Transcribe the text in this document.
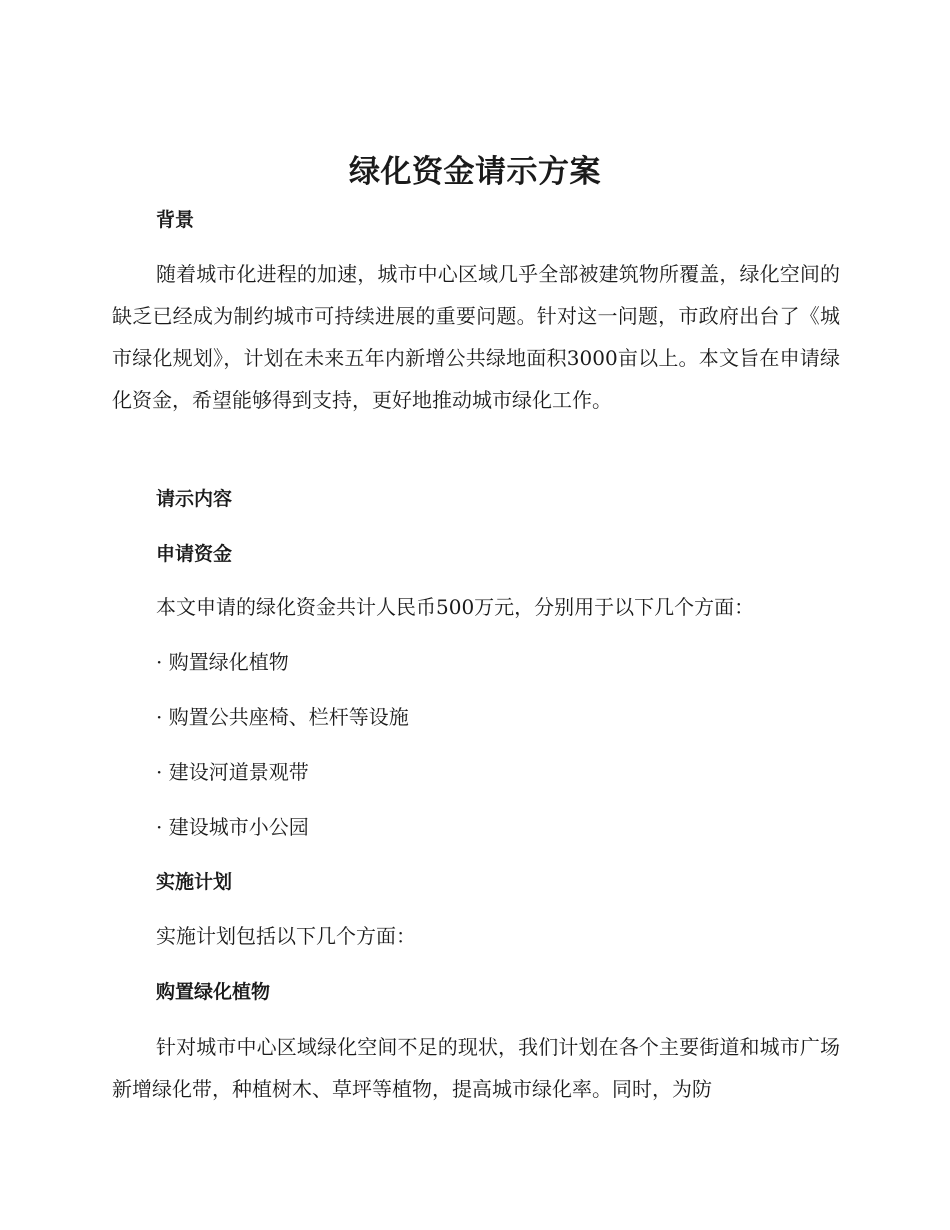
绿化资金请示方案
背景

随着城市化进程的加速，城市中心区域几乎全部被建筑物所覆盖，绿化空间的缺乏已经成为制约城市可持续进展的重要问题。针对这一问题，市政府出台了《城市绿化规划》，计划在未来五年内新增公共绿地面积3000亩以上。本文旨在申请绿化资金，希望能够得到支持，更好地推动城市绿化工作。

请示内容
申请资金

本文申请的绿化资金共计人民币500万元，分别用于以下几个方面：

· 购置绿化植物

· 购置公共座椅、栏杆等设施

· 建设河道景观带

· 建设城市小公园

实施计划

实施计划包括以下几个方面：

购置绿化植物

针对城市中心区域绿化空间不足的现状，我们计划在各个主要街道和城市广场新增绿化带，种植树木、草坪等植物，提高城市绿化率。同时，为防
